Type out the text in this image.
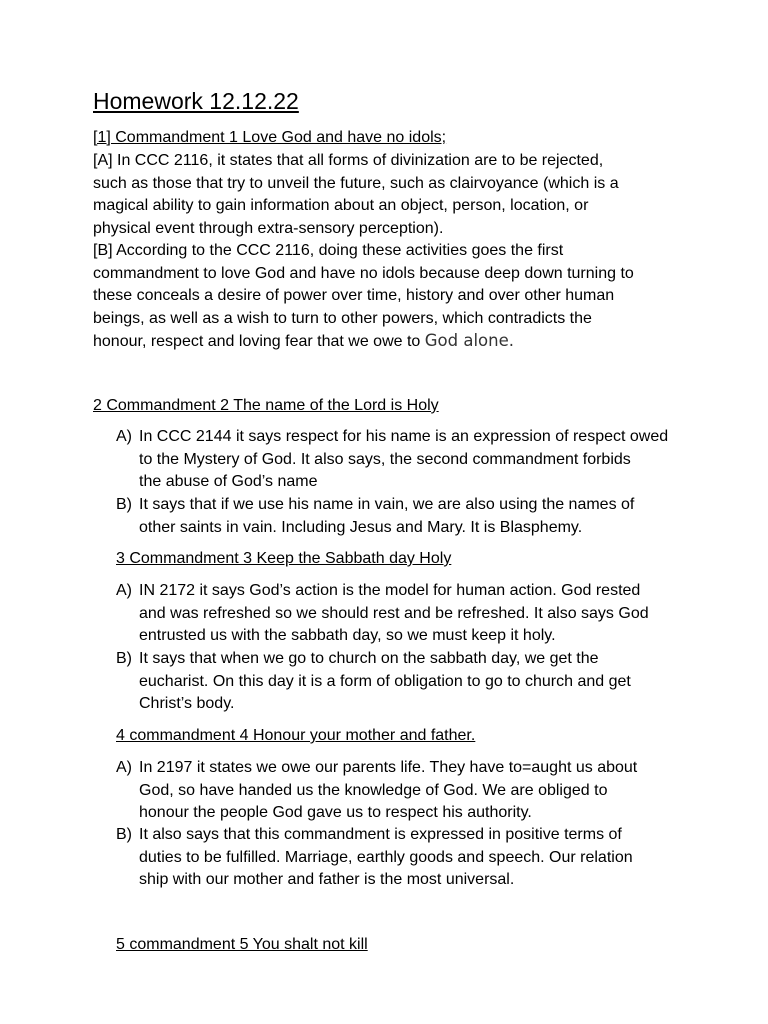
Homework 12.12.22
[1] Commandment 1 Love God and have no idols;
[A] In CCC 2116, it states that all forms of divinization are to be rejected,
such as those that try to unveil the future, such as clairvoyance (which is a
magical ability to gain information about an object, person, location, or
physical event through extra-sensory perception).
[B] According to the CCC 2116, doing these activities goes the first
commandment to love God and have no idols because deep down turning to
these conceals a desire of power over time, history and over other human
beings, as well as a wish to turn to other powers, which contradicts the
honour, respect and loving fear that we owe to God alone.
2 Commandment 2 The name of the Lord is Holy
A) In CCC 2144 it says respect for his name is an expression of respect owed
to the Mystery of God. It also says, the second commandment forbids
the abuse of God’s name
B) It says that if we use his name in vain, we are also using the names of
other saints in vain. Including Jesus and Mary. It is Blasphemy.
3 Commandment 3 Keep the Sabbath day Holy
A) IN 2172 it says God’s action is the model for human action. God rested
and was refreshed so we should rest and be refreshed. It also says God
entrusted us with the sabbath day, so we must keep it holy.
B) It says that when we go to church on the sabbath day, we get the
eucharist. On this day it is a form of obligation to go to church and get
Christ’s body.
4 commandment 4 Honour your mother and father.
A) In 2197 it states we owe our parents life. They have to=aught us about
God, so have handed us the knowledge of God. We are obliged to
honour the people God gave us to respect his authority.
B) It also says that this commandment is expressed in positive terms of
duties to be fulfilled. Marriage, earthly goods and speech. Our relation
ship with our mother and father is the most universal.
5 commandment 5 You shalt not kill
